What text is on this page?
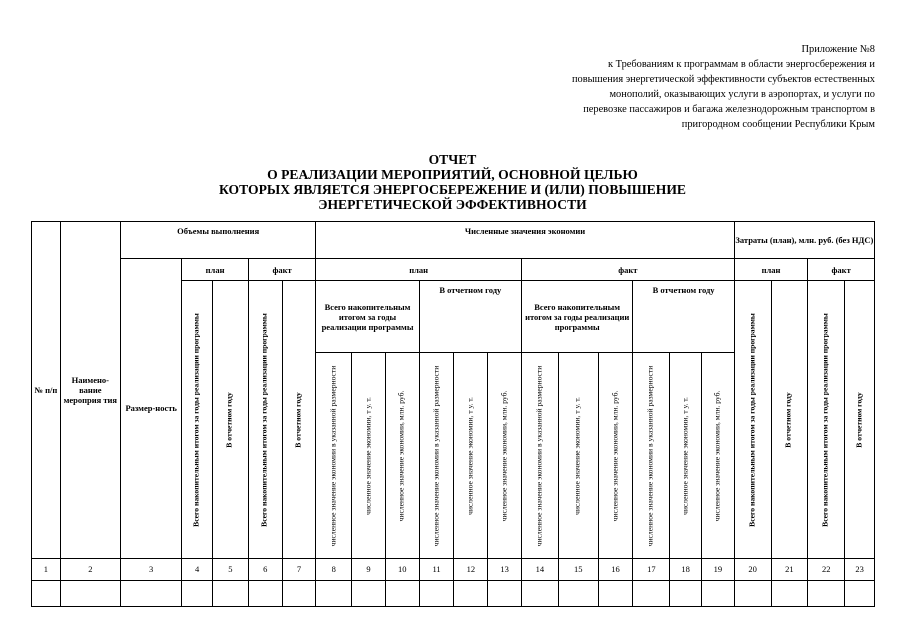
Приложение №8
к Требованиям к программам в области энергосбережения и
повышения энергетической эффективности субъектов естественных
монополий, оказывающих услуги в аэропортах, и услуги по
перевозке пассажиров и багажа железнодорожным транспортом в
пригородном сообщении Республики Крым
ОТЧЕТ
О РЕАЛИЗАЦИИ МЕРОПРИЯТИЙ, ОСНОВНОЙ ЦЕЛЬЮ
КОТОРЫХ ЯВЛЯЕТСЯ ЭНЕРГОСБЕРЕЖЕНИЕ И (ИЛИ) ПОВЫШЕНИЕ
ЭНЕРГЕТИЧЕСКОЙ ЭФФЕКТИВНОСТИ
№ п/п	Наимено-вание мероприя тия	Объемы выполнения					Численные значения экономии												Затраты (план), млн. руб. (без НДС)			
		Размер-ность	план		факт		план						факт						план		факт	

			Всего накопительным итогом за годы реализации программы	В отчетном году	Всего накопительным итогом за годы реализации программы	В отчетном году	Всего накопительным итогом за годы реализации программы			В отчетном году			Всего накопительным итогом за годы реализации программы			В отчетном году			Всего накопительным итогом за годы реализации программы	В отчетном году	Всего накопительным итогом за годы реализации программы	В отчетном году

							численное значение экономии в указанной размерности	численное значение экономии, т у. т.	численное значение экономии, млн. руб.	численное значение экономии в указанной размерности	численное значение экономии, т у. т.	численное значение экономии, млн. руб.	численное значение экономии в указанной размерности	численное значение экономии, т у. т.	численное значение экономии, млн. руб.	численное значение экономии в указанной размерности	численное значение экономии, т у. т.	численное значение экономии, млн. руб.				

1	2	3	4	5	6	7	8	9	10	11	12	13	14	15	16	17	18	19	20	21	22	23
